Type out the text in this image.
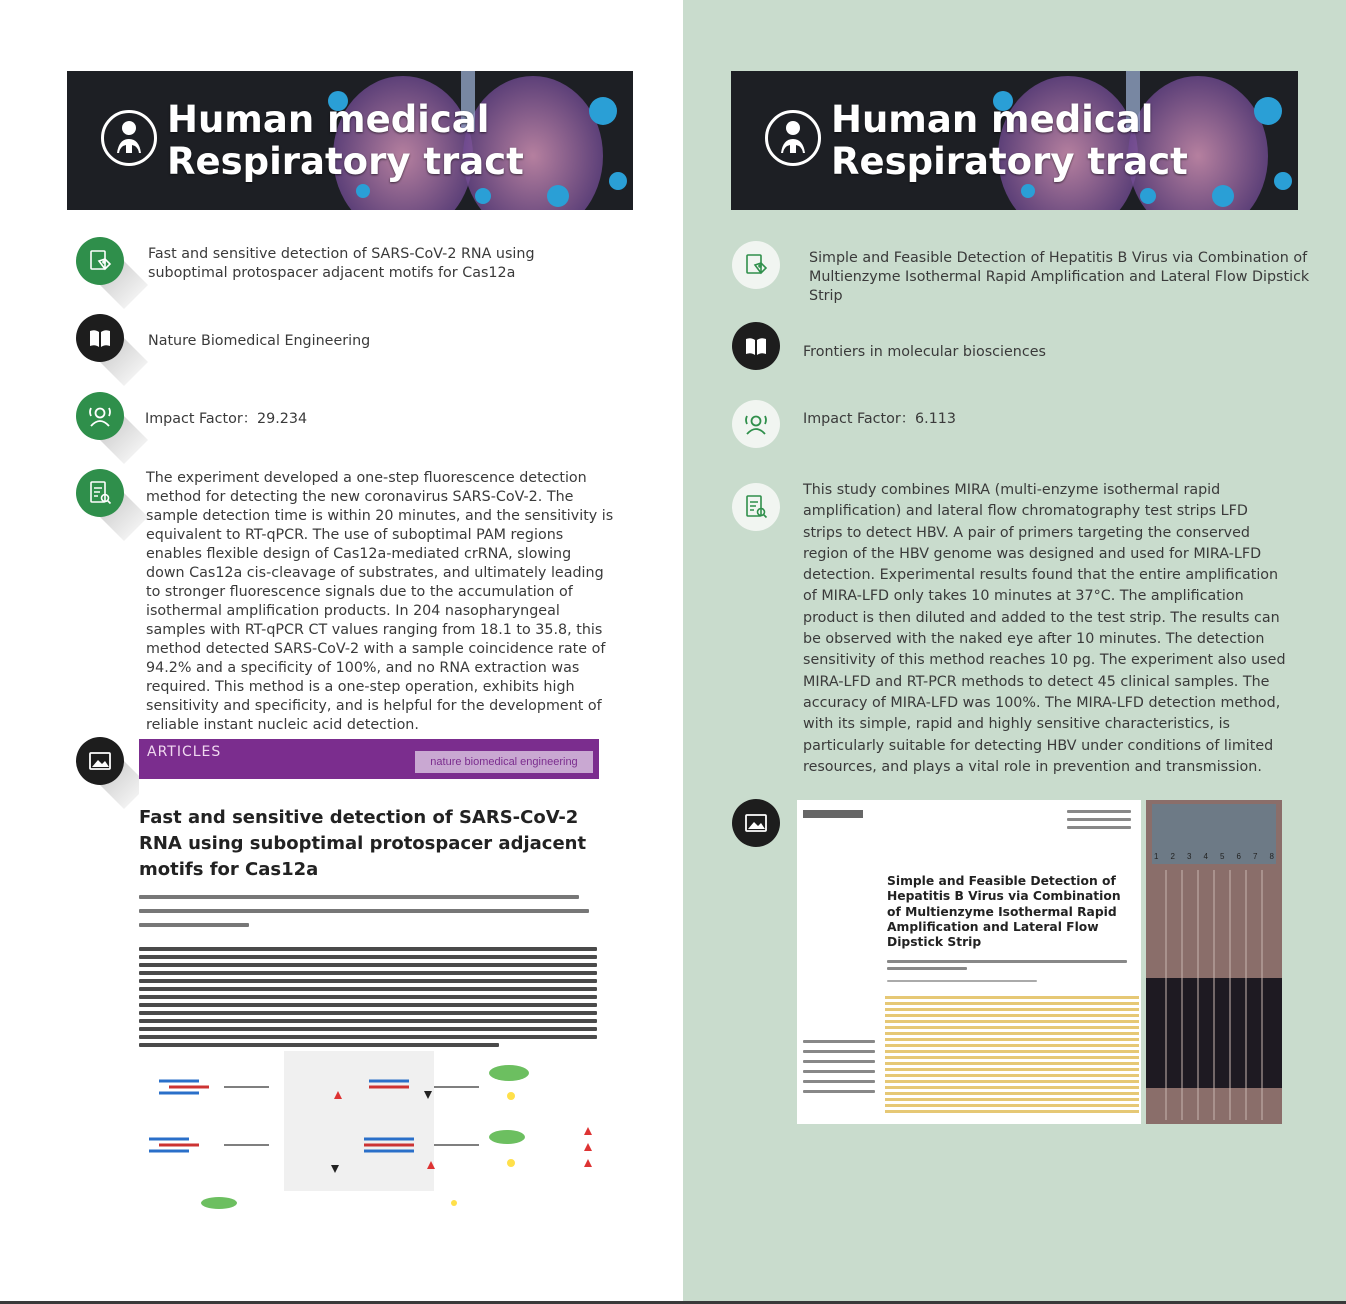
Human medical
Respiratory tract
Human medical
Respiratory tract
Fast and sensitive detection of SARS-CoV-2 RNA using suboptimal protospacer adjacent motifs for Cas12a
Nature Biomedical Engineering
Impact Factor：29.234
The experiment developed a one-step fluorescence detection method for detecting the new coronavirus SARS-CoV-2. The sample detection time is within 20 minutes, and the sensitivity is equivalent to RT-qPCR. The use of suboptimal PAM regions enables flexible design of Cas12a-mediated crRNA, slowing down Cas12a cis-cleavage of substrates, and ultimately leading to stronger fluorescence signals due to the accumulation of isothermal amplification products. In 204 nasopharyngeal samples with RT-qPCR CT values ranging from 18.1 to 35.8, this method detected SARS-CoV-2 with a sample coincidence rate of 94.2% and a specificity of 100%, and no RNA extraction was required. This method is a one-step operation, exhibits high sensitivity and specificity, and is helpful for the development of reliable instant nucleic acid detection.
ARTICLES
nature biomedical engineering
Fast and sensitive detection of SARS-CoV-2 RNA using suboptimal protospacer adjacent motifs for Cas12a
Simple and Feasible Detection of Hepatitis B Virus via Combination of Multienzyme Isothermal Rapid Amplification and Lateral Flow Dipstick Strip
Frontiers in molecular biosciences
Impact Factor：6.113
This study combines MIRA (multi-enzyme isothermal rapid amplification) and lateral flow chromatography test strips LFD strips to detect HBV. A pair of primers targeting the conserved region of the HBV genome was designed and used for MIRA-LFD detection. Experimental results found that the entire amplification of MIRA-LFD only takes 10 minutes at 37°C. The amplification product is then diluted and added to the test strip. The results can be observed with the naked eye after 10 minutes. The detection sensitivity of this method reaches 10 pg. The experiment also used MIRA-LFD and RT-PCR methods to detect 45 clinical samples. The accuracy of MIRA-LFD was 100%. The MIRA-LFD detection method, with its simple, rapid and highly sensitive characteristics, is particularly suitable for detecting HBV under conditions of limited resources, and plays a vital role in prevention and transmission.
Simple and Feasible Detection of Hepatitis B Virus via Combination of Multienzyme Isothermal Rapid Amplification and Lateral Flow Dipstick Strip
1 2 3 4 5 6 7 8
